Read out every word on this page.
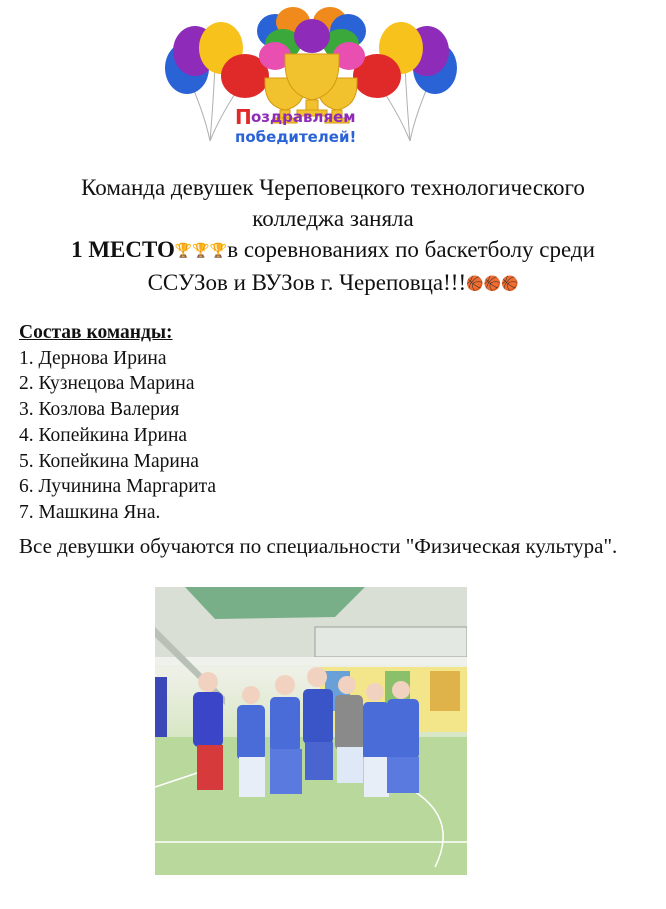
П оздравляем
победителей!
Команда девушек Череповецкого технологического
колледжа заняла
1 МЕСТО🏆🏆🏆в соревнованиях по баскетболу среди
ССУЗов и ВУЗов г. Череповца!!!🏀🏀🏀
Состав команды:
1. Дернова Ирина
2. Кузнецова Марина
3. Козлова Валерия
4. Копейкина Ирина
5. Копейкина Марина
6. Лучинина Маргарита
7. Машкина Яна.
Все девушки обучаются по специальности "Физическая культура".
